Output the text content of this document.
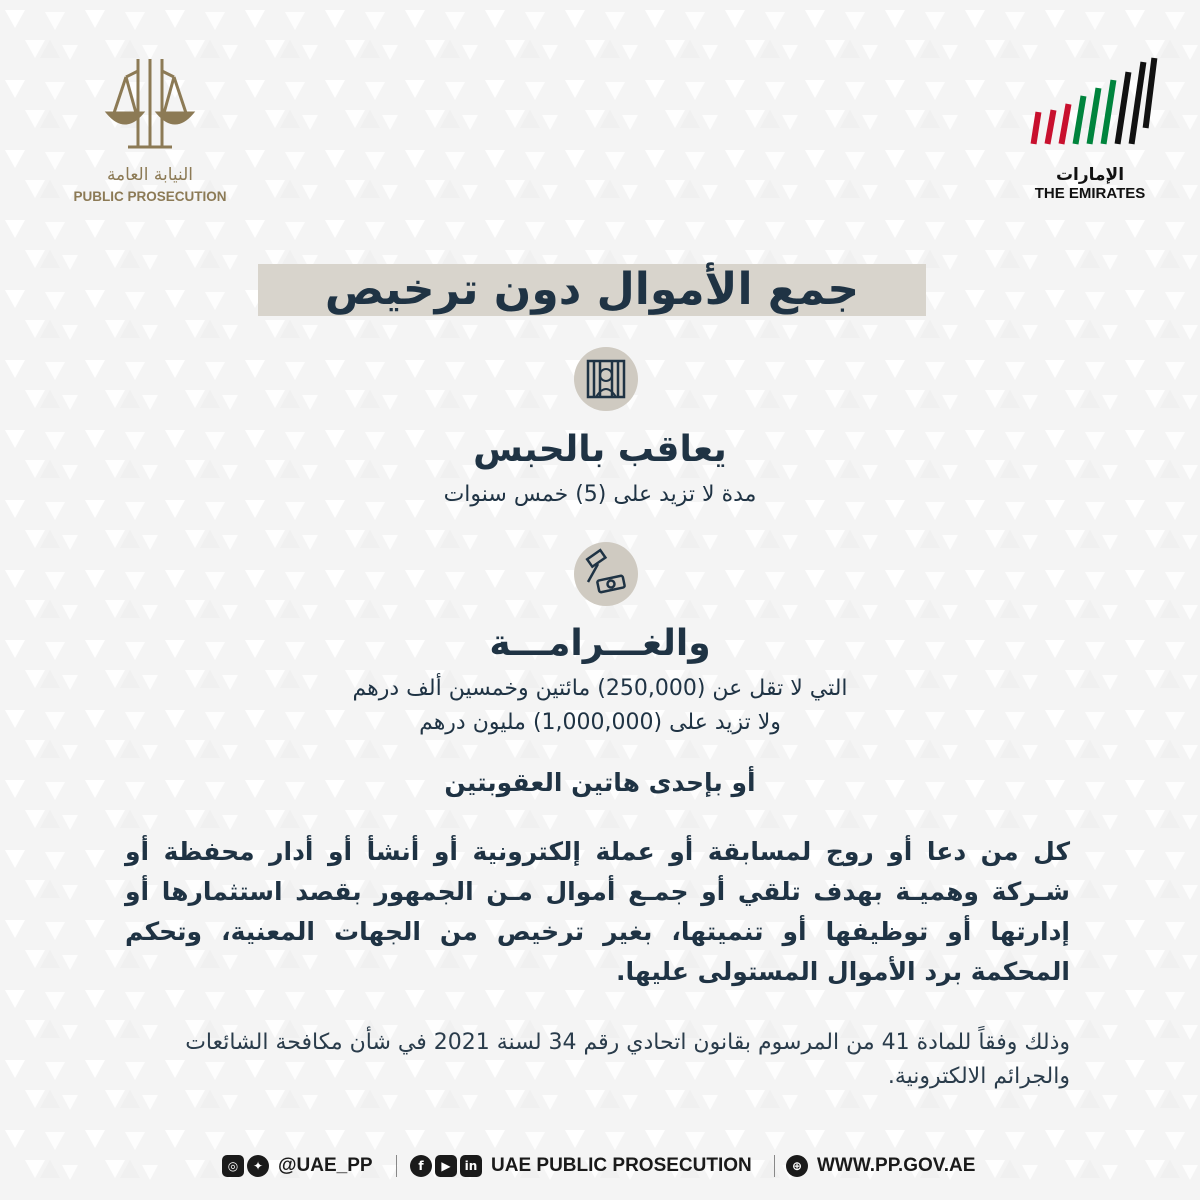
النيابة العامة
PUBLIC PROSECUTION
الإمارات
THE EMIRATES
جمع الأموال دون ترخيص
يعاقب بالحبس
مدة لا تزيد على (5) خمس سنوات
والغـــرامـــة
التي لا تقل عن (250,000) مائتين وخمسين ألف درهم
ولا تزيد على (1,000,000) مليون درهم
أو بإحدى هاتين العقوبتين
كل من دعا أو روج لمسابقة أو عملة إلكترونية أو أنشأ أو أدار محفظة أو شـركة وهميـة بهدف تلقي أو جمـع أموال مـن الجمهور بقصد استثمارها أو إدارتها أو توظيفها أو تنميتها، بغير ترخيص من الجهات المعنية، وتحكم المحكمة برد الأموال المستولى عليها.
وذلك وفقاً للمادة 41 من المرسوم بقانون اتحادي رقم 34 لسنة 2021 في شأن مكافحة الشائعات والجرائم الالكترونية.
◎	✦ @UAE_PP	f	▶	in UAE PUBLIC PROSECUTION	⊕ WWW.PP.GOV.AE
